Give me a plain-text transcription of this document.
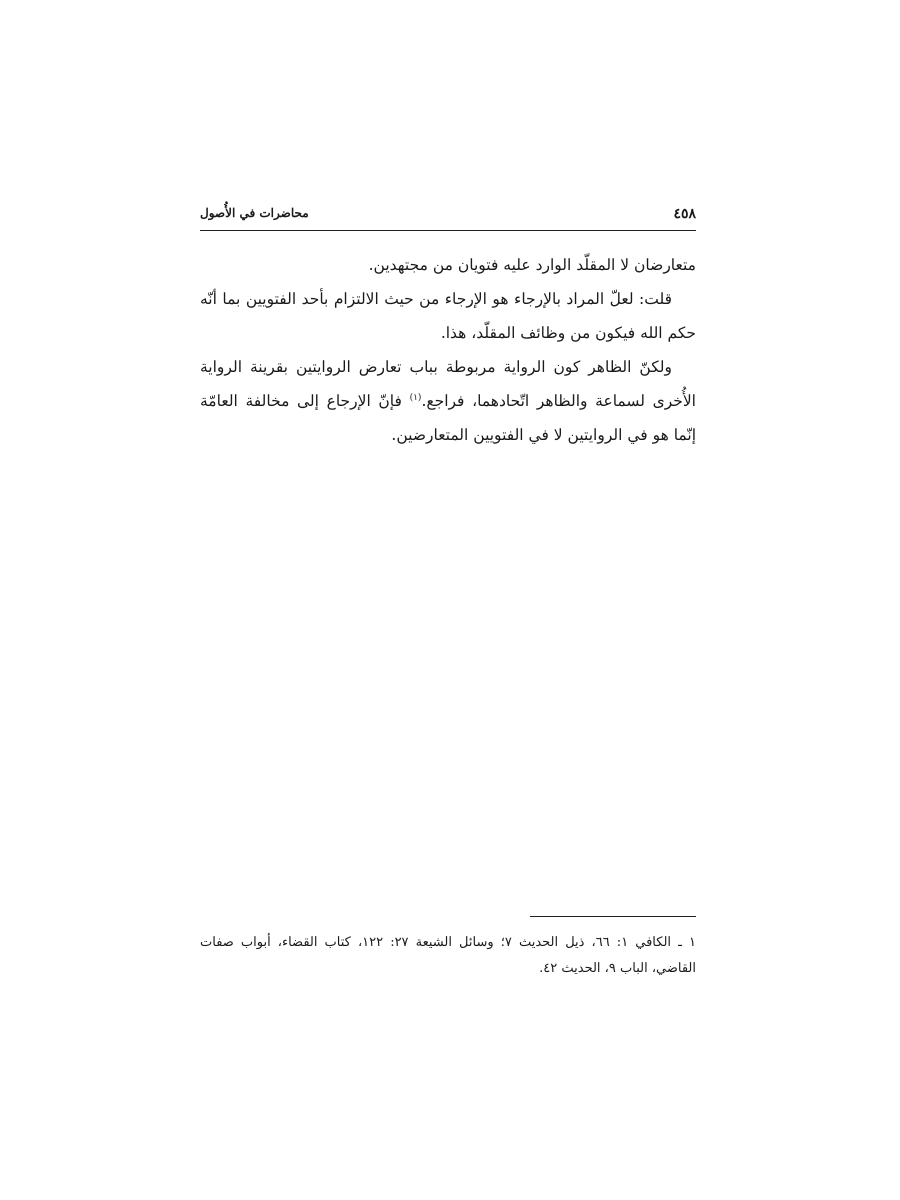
٤٥٨
محاضرات في الأُصول

متعارضان لا المقلّد الوارد عليه فتويان من مجتهدين.

قلت: لعلّ المراد بالإرجاء هو الإرجاء من حيث الالتزام بأحد الفتويين بما أنّه حكم الله فيكون من وظائف المقلّد، هذا.

ولكنّ الظاهر كون الرواية مربوطة بباب تعارض الروايتين بقرينة الرواية الأُخرى لسماعة والظاهر اتّحادهما، فراجع.$^{(١)}$ فإنّ الإرجاع إلى مخالفة العامّة إنّما هو في الروايتين لا في الفتويين المتعارضين.

١ ـ الكافي ١: ٦٦، ذيل الحديث ٧؛ وسائل الشيعة ٢٧: ١٢٢، كتاب القضاء، أبواب صفات القاضي، الباب ٩، الحديث ٤٢.
